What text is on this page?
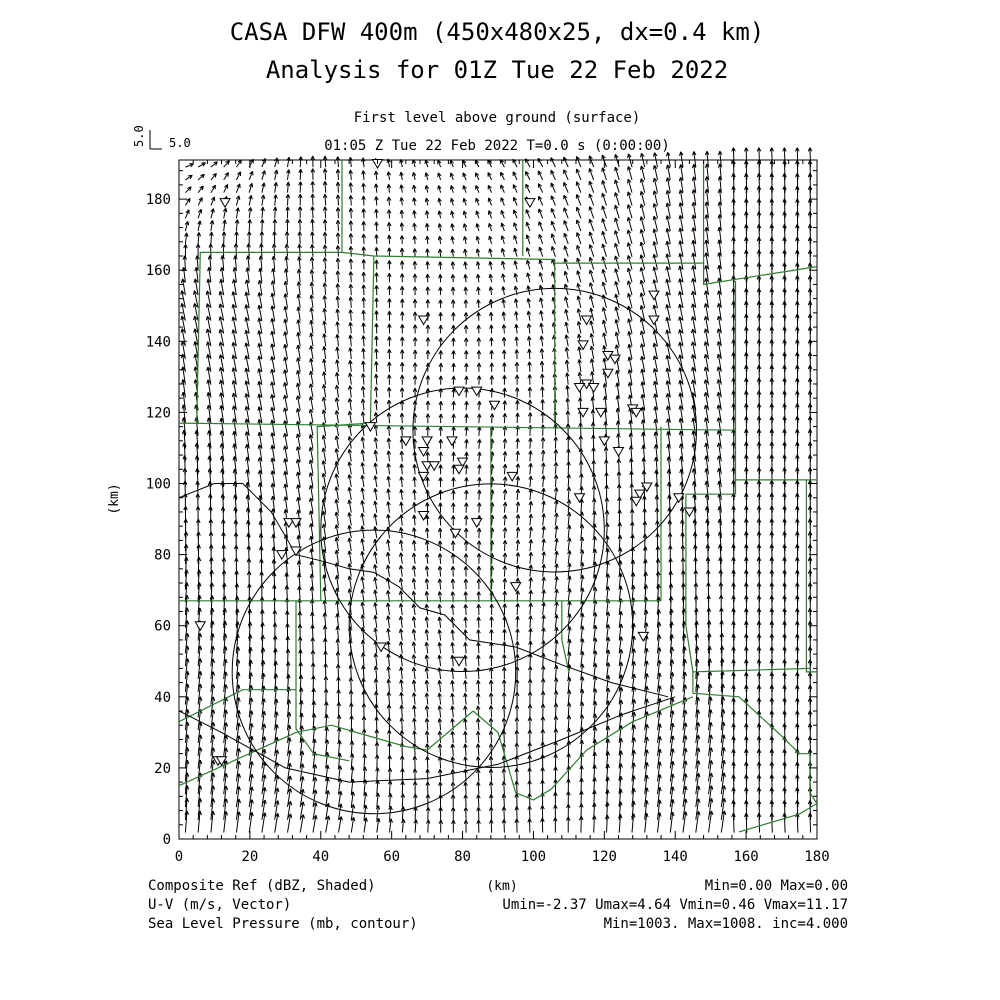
CASA DFW 400m (450x480x25, dx=0.4 km)
Analysis for 01Z Tue 22 Feb 2022
First level above ground (surface)
01:05 Z Tue 22 Feb 2022 T=0.0 s (0:00:00)
5.0
5.0
0	20	40	60	80	100	120	140	160	180
0
20
40
60
80
100
120
140
160
180
(km)
(km)
Composite Ref (dBZ, Shaded)	Min=0.00 Max=0.00
U-V (m/s, Vector)	Umin=-2.37 Umax=4.64 Vmin=0.46 Vmax=11.17
Sea Level Pressure (mb, contour)	Min=1003. Max=1008. inc=4.000
